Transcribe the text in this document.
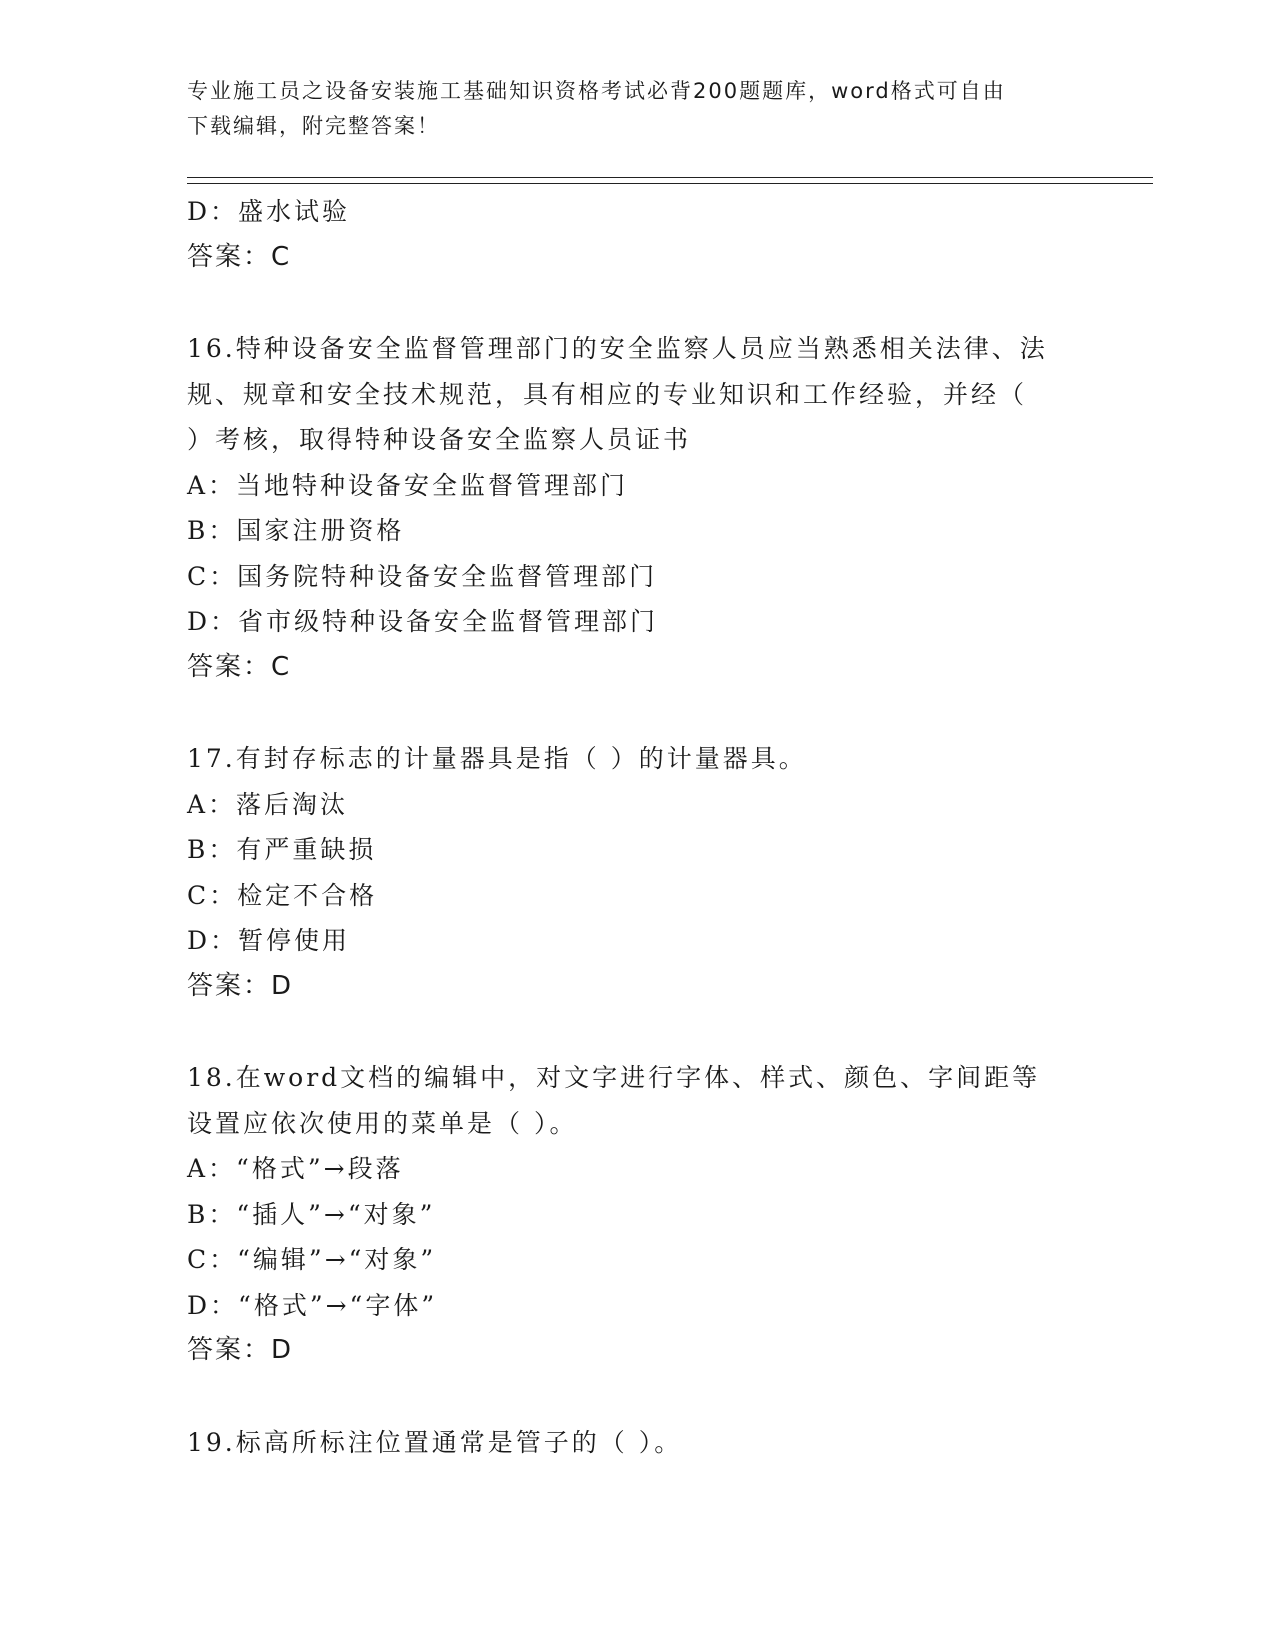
专业施工员之设备安装施工基础知识资格考试必背200题题库，word格式可自由
下载编辑，附完整答案！
D：盛水试验
答案：C
16.特种设备安全监督管理部门的安全监察人员应当熟悉相关法律、法
规、规章和安全技术规范，具有相应的专业知识和工作经验，并经（
）考核，取得特种设备安全监察人员证书
A：当地特种设备安全监督管理部门
B：国家注册资格
C：国务院特种设备安全监督管理部门
D：省市级特种设备安全监督管理部门
答案：C
17.有封存标志的计量器具是指（ ）的计量器具。
A：落后淘汰
B：有严重缺损
C：检定不合格
D：暂停使用
答案：D
18.在word文档的编辑中，对文字进行字体、样式、颜色、字间距等
设置应依次使用的菜单是（ ）。
A：“格式”→段落
B：“插人”→“对象”
C：“编辑”→“对象”
D：“格式”→“字体”
答案：D
19.标高所标注位置通常是管子的（ ）。
